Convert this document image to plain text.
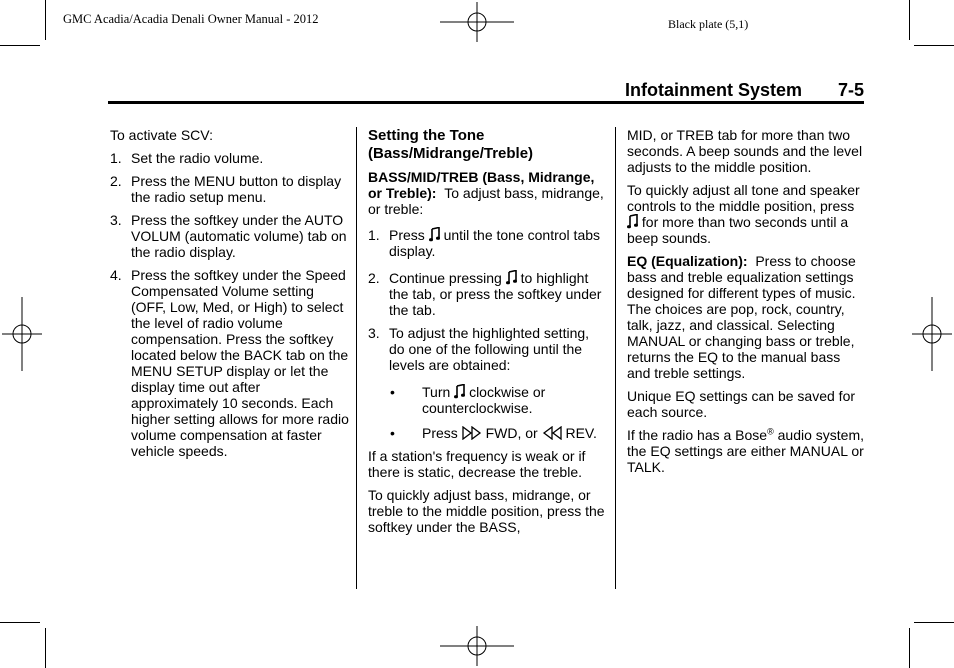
GMC Acadia/Acadia Denali Owner Manual - 2012	Black plate (5,1)
Infotainment System 7-5

To activate SCV:

1. Set the radio volume.
2. Press the MENU button to display the radio setup menu.
3. Press the softkey under the AUTO VOLUM (automatic volume) tab on the radio display.
4. Press the softkey under the Speed Compensated Volume setting (OFF, Low, Med, or High) to select the level of radio volume compensation. Press the softkey located below the BACK tab on the MENU SETUP display or let the display time out after approximately 10 seconds. Each higher setting allows for more radio volume compensation at faster vehicle speeds.
Setting the Tone (Bass/Midrange/Treble)

BASS/MID/TREB (Bass, Midrange, or Treble): To adjust bass, midrange, or treble:

1. Press until the tone control tabs display.
2. Continue pressing to highlight the tab, or press the softkey under the tab.
3. To adjust the highlighted setting, do one of the following until the levels are obtained:
• Turn clockwise or counterclockwise.
• Press FWD, or REV.

If a station's frequency is weak or if there is static, decrease the treble.

To quickly adjust bass, midrange, or treble to the middle position, press the softkey under the BASS,

MID, or TREB tab for more than two seconds. A beep sounds and the level adjusts to the middle position.

To quickly adjust all tone and speaker controls to the middle position, press  for more than two seconds until a beep sounds.

EQ (Equalization): Press to choose bass and treble equalization settings designed for different types of music. The choices are pop, rock, country, talk, jazz, and classical. Selecting MANUAL or changing bass or treble, returns the EQ to the manual bass and treble settings.

Unique EQ settings can be saved for each source.

If the radio has a Bose® audio system, the EQ settings are either MANUAL or TALK.
